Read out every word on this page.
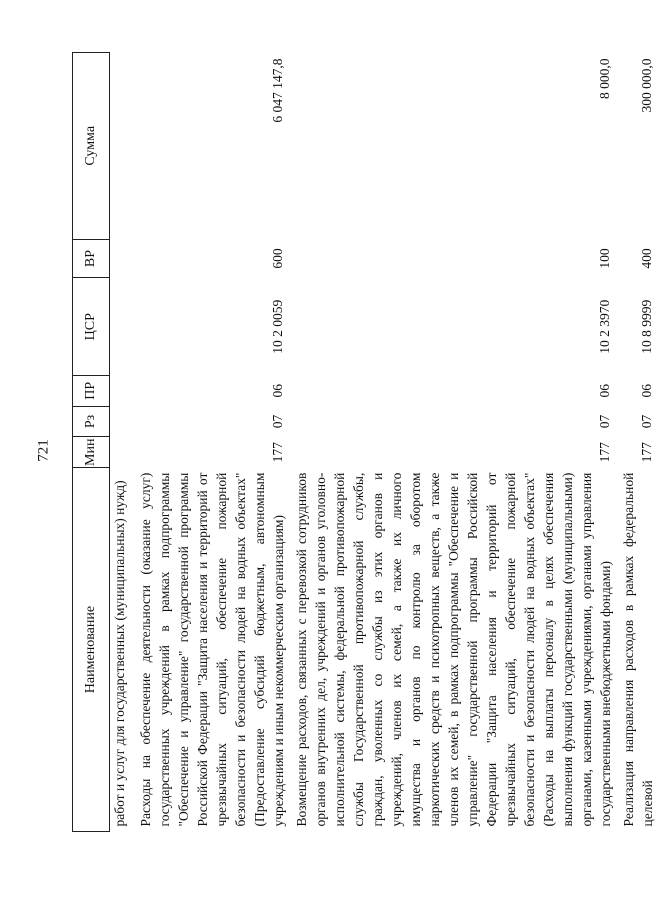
721
Наименование	Мин	Рз	ПР	ЦСР	ВР	Сумма
работ и услуг для государственных (муниципальных) нужд)						
Расходы на обеспечение деятельности (оказание услуг) государственных учреждений в рамках подпрограммы "Обеспечение и управление" государственной программы Российской Федерации "Защита населения и территорий от чрезвычайных ситуаций, обеспечение пожарной безопасности и безопасности людей на водных объектах" (Предоставление субсидий бюджетным, автономным учреждениям и иным некоммерческим организациям)	177	07	06	10 2 0059	600	6 047 147,8
Возмещение расходов, связанных с перевозкой сотрудников органов внутренних дел, учреждений и органов уголовно-исполнительной системы, федеральной противопожарной службы Государственной противопожарной службы, граждан, уволенных со службы из этих органов и учреждений, членов их семей, а также их личного имущества и органов по контролю за оборотом наркотических средств и психотропных веществ, а также членов их семей, в рамках подпрограммы "Обеспечение и управление" государственной программы Российской Федерации "Защита населения и территорий от чрезвычайных ситуаций, обеспечение пожарной безопасности и безопасности людей на водных объектах" (Расходы на выплаты персоналу в целях обеспечения выполнения функций государственными (муниципальными) органами, казенными учреждениями, органами управления государственными внебюджетными фондами)	177	07	06	10 2 3970	100	8 000,0
Реализация направления расходов в рамках федеральной целевой	177	07	06	10 8 9999	400	300 000,0
